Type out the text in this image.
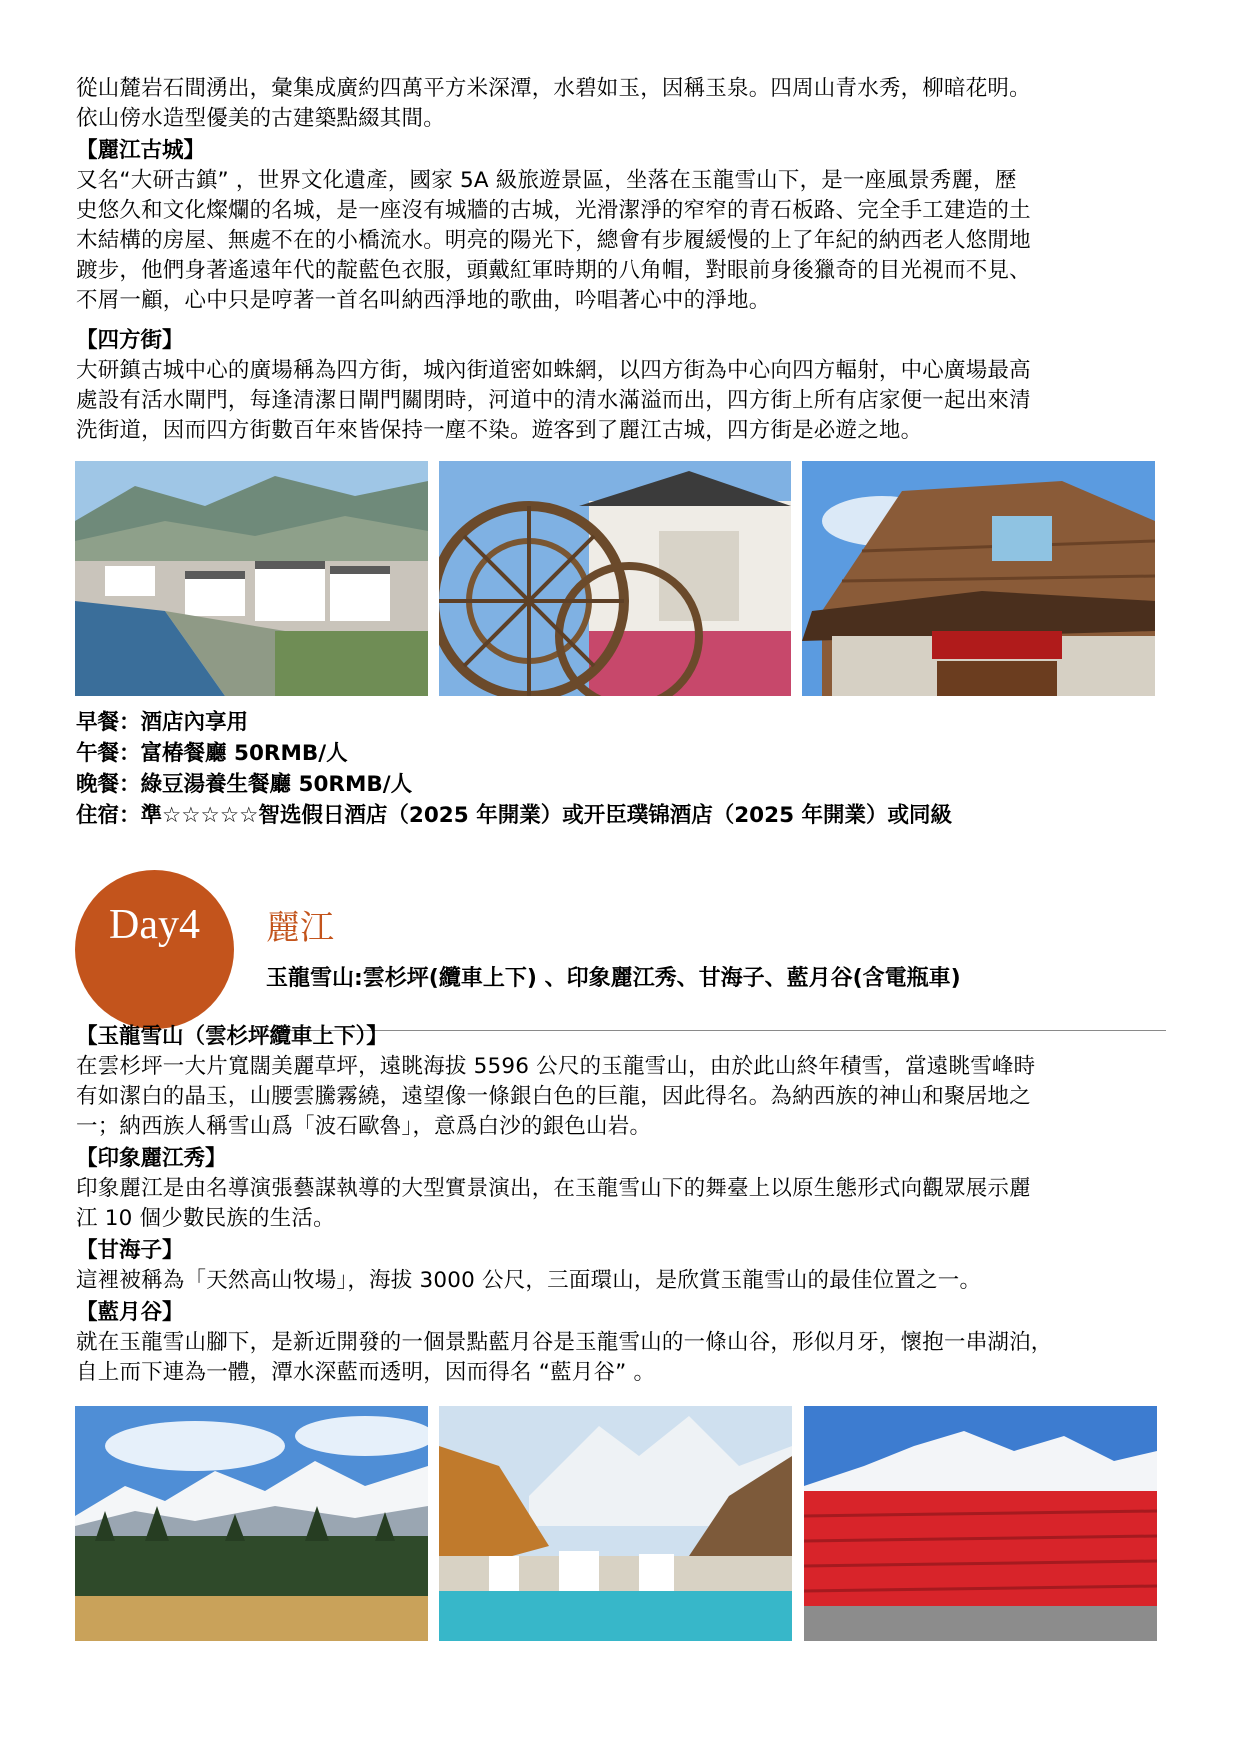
從山麓岩石間湧出，彙集成廣約四萬平方米深潭，水碧如玉，因稱玉泉。四周山青水秀，柳暗花明。
依山傍水造型優美的古建築點綴其間。

【麗江古城】

又名“大研古鎮” ，世界文化遺產，國家 5A 級旅遊景區，坐落在玉龍雪山下，是一座風景秀麗，歷
史悠久和文化燦爛的名城，是一座沒有城牆的古城，光滑潔淨的窄窄的青石板路、完全手工建造的土
木結構的房屋、無處不在的小橋流水。明亮的陽光下，總會有步履緩慢的上了年紀的納西老人悠閒地
踱步，他們身著遙遠年代的靛藍色衣服，頭戴紅軍時期的八角帽，對眼前身後獵奇的目光視而不見、
不屑一顧，心中只是哼著一首名叫納西淨地的歌曲，吟唱著心中的淨地。

【四方街】

大研鎮古城中心的廣場稱為四方街，城內街道密如蛛網，以四方街為中心向四方輻射，中心廣場最高
處設有活水閘門，每逢清潔日閘門關閉時，河道中的清水滿溢而出，四方街上所有店家便一起出來清
洗街道，因而四方街數百年來皆保持一塵不染。遊客到了麗江古城，四方街是必遊之地。

早餐：酒店內享用

午餐：富椿餐廳 50RMB/人

晚餐：綠豆湯養生餐廳 50RMB/人

住宿：準☆☆☆☆☆智选假日酒店（2025 年開業）或开臣璞锦酒店（2025 年開業）或同級

Day4	麗江

玉龍雪山:雲杉坪(纜車上下) 、印象麗江秀、甘海子、藍月谷(含電瓶車)

【玉龍雪山（雲杉坪纜車上下）】

在雲杉坪一大片寬闊美麗草坪，遠眺海拔 5596 公尺的玉龍雪山，由於此山終年積雪，當遠眺雪峰時
有如潔白的晶玉，山腰雲騰霧繞，遠望像一條銀白色的巨龍，因此得名。為納西族的神山和聚居地之
一；納西族人稱雪山爲「波石歐魯」，意爲白沙的銀色山岩。

【印象麗江秀】

印象麗江是由名導演張藝謀執導的大型實景演出，在玉龍雪山下的舞臺上以原生態形式向觀眾展示麗
江 10 個少數民族的生活。

【甘海子】

這裡被稱為「天然高山牧場」，海拔 3000 公尺，三面環山，是欣賞玉龍雪山的最佳位置之一。

【藍月谷】

就在玉龍雪山腳下，是新近開發的一個景點藍月谷是玉龍雪山的一條山谷，形似月牙，懷抱一串湖泊，
自上而下連為一體，潭水深藍而透明，因而得名 “藍月谷” 。
